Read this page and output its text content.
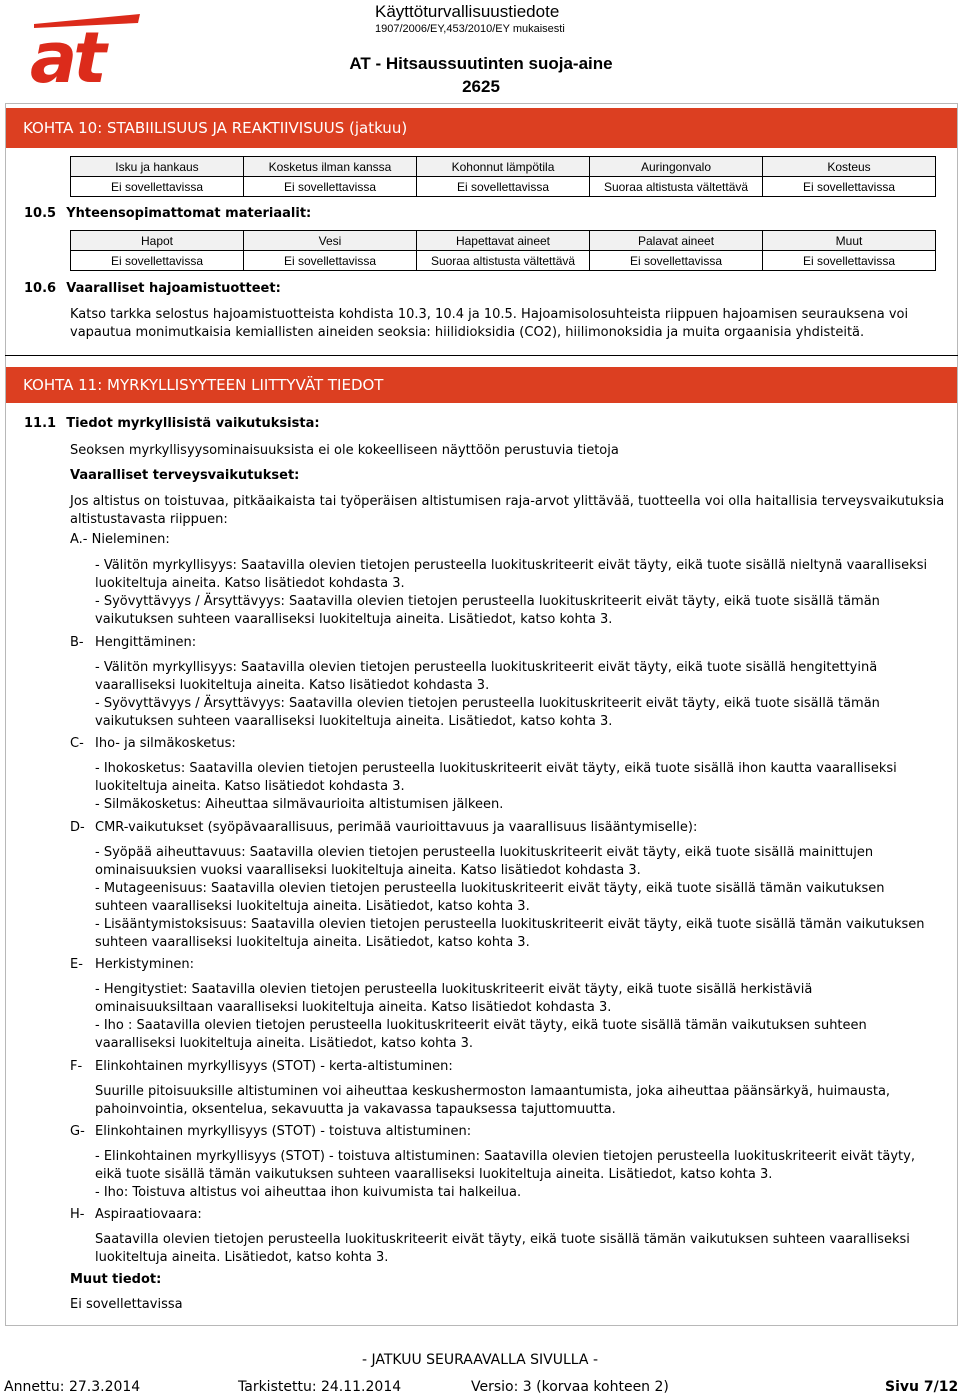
at
Käyttöturvallisuustiedote
1907/2006/EY,453/2010/EY mukaisesti
AT - Hitsaussuutinten suoja-aine
2625
KOHTA 10: STABIILISUUS JA REAKTIIVISUUS (jatkuu)
Isku ja hankaus	Kosketus ilman kanssa	Kohonnut lämpötila	Auringonvalo	Kosteus
Ei sovellettavissa	Ei sovellettavissa	Ei sovellettavissa	Suoraa altistusta vältettävä	Ei sovellettavissa
10.5 Yhteensopimattomat materiaalit:
Hapot	Vesi	Hapettavat aineet	Palavat aineet	Muut
Ei sovellettavissa	Ei sovellettavissa	Suoraa altistusta vältettävä	Ei sovellettavissa	Ei sovellettavissa
10.6 Vaaralliset hajoamistuotteet:

Katso tarkka selostus hajoamistuotteista kohdista 10.3, 10.4 ja 10.5. Hajoamisolosuhteista riippuen hajoamisen seurauksena voi
vapautua monimutkaisia kemiallisten aineiden seoksia: hiilidioksidia (CO2), hiilimonoksidia ja muita orgaanisia yhdisteitä.

KOHTA 11: MYRKYLLISYYTEEN LIITTYVÄT TIEDOT
11.1 Tiedot myrkyllisistä vaikutuksista:

Seoksen myrkyllisyysominaisuuksista ei ole kokeelliseen näyttöön perustuvia tietoja

Vaaralliset terveysvaikutukset:

Jos altistus on toistuvaa, pitkäaikaista tai työperäisen altistumisen raja-arvot ylittävää, tuotteella voi olla haitallisia terveysvaikutuksia
altistustavasta riippuen:

A.- Nieleminen:

- Välitön myrkyllisyys: Saatavilla olevien tietojen perusteella luokituskriteerit eivät täyty, eikä tuote sisällä nieltynä vaaralliseksi
luokiteltuja aineita. Katso lisätiedot kohdasta 3.
- Syövyttävyys / Ärsyttävyys: Saatavilla olevien tietojen perusteella luokituskriteerit eivät täyty, eikä tuote sisällä tämän
vaikutuksen suhteen vaaralliseksi luokiteltuja aineita. Lisätiedot, katso kohta 3.

B- Hengittäminen:

- Välitön myrkyllisyys: Saatavilla olevien tietojen perusteella luokituskriteerit eivät täyty, eikä tuote sisällä hengitettyinä
vaaralliseksi luokiteltuja aineita. Katso lisätiedot kohdasta 3.
- Syövyttävyys / Ärsyttävyys: Saatavilla olevien tietojen perusteella luokituskriteerit eivät täyty, eikä tuote sisällä tämän
vaikutuksen suhteen vaaralliseksi luokiteltuja aineita. Lisätiedot, katso kohta 3.

C- Iho- ja silmäkosketus:

- Ihokosketus: Saatavilla olevien tietojen perusteella luokituskriteerit eivät täyty, eikä tuote sisällä ihon kautta vaaralliseksi
luokiteltuja aineita. Katso lisätiedot kohdasta 3.
- Silmäkosketus: Aiheuttaa silmävaurioita altistumisen jälkeen.

D- CMR-vaikutukset (syöpävaarallisuus, perimää vaurioittavuus ja vaarallisuus lisääntymiselle):

- Syöpää aiheuttavuus: Saatavilla olevien tietojen perusteella luokituskriteerit eivät täyty, eikä tuote sisällä mainittujen
ominaisuuksien vuoksi vaaralliseksi luokiteltuja aineita. Katso lisätiedot kohdasta 3.
- Mutageenisuus: Saatavilla olevien tietojen perusteella luokituskriteerit eivät täyty, eikä tuote sisällä tämän vaikutuksen
suhteen vaaralliseksi luokiteltuja aineita. Lisätiedot, katso kohta 3.
- Lisääntymistoksisuus: Saatavilla olevien tietojen perusteella luokituskriteerit eivät täyty, eikä tuote sisällä tämän vaikutuksen
suhteen vaaralliseksi luokiteltuja aineita. Lisätiedot, katso kohta 3.

E- Herkistyminen:

- Hengitystiet: Saatavilla olevien tietojen perusteella luokituskriteerit eivät täyty, eikä tuote sisällä herkistäviä
ominaisuuksiltaan vaaralliseksi luokiteltuja aineita. Katso lisätiedot kohdasta 3.
- Iho : Saatavilla olevien tietojen perusteella luokituskriteerit eivät täyty, eikä tuote sisällä tämän vaikutuksen suhteen
vaaralliseksi luokiteltuja aineita. Lisätiedot, katso kohta 3.

F- Elinkohtainen myrkyllisyys (STOT) - kerta-altistuminen:

Suurille pitoisuuksille altistuminen voi aiheuttaa keskushermoston lamaantumista, joka aiheuttaa päänsärkyä, huimausta,
pahoinvointia, oksentelua, sekavuutta ja vakavassa tapauksessa tajuttomuutta.

G- Elinkohtainen myrkyllisyys (STOT) - toistuva altistuminen:

- Elinkohtainen myrkyllisyys (STOT) - toistuva altistuminen: Saatavilla olevien tietojen perusteella luokituskriteerit eivät täyty,
eikä tuote sisällä tämän vaikutuksen suhteen vaaralliseksi luokiteltuja aineita. Lisätiedot, katso kohta 3.
- Iho: Toistuva altistus voi aiheuttaa ihon kuivumista tai halkeilua.

H- Aspiraatiovaara:

Saatavilla olevien tietojen perusteella luokituskriteerit eivät täyty, eikä tuote sisällä tämän vaikutuksen suhteen vaaralliseksi
luokiteltuja aineita. Lisätiedot, katso kohta 3.

Muut tiedot:

Ei sovellettavissa

- JATKUU SEURAAVALLA SIVULLA -
Annettu: 27.3.2014	Tarkistettu: 24.11.2014	Versio: 3 (korvaa kohteen 2)	Sivu 7/12
